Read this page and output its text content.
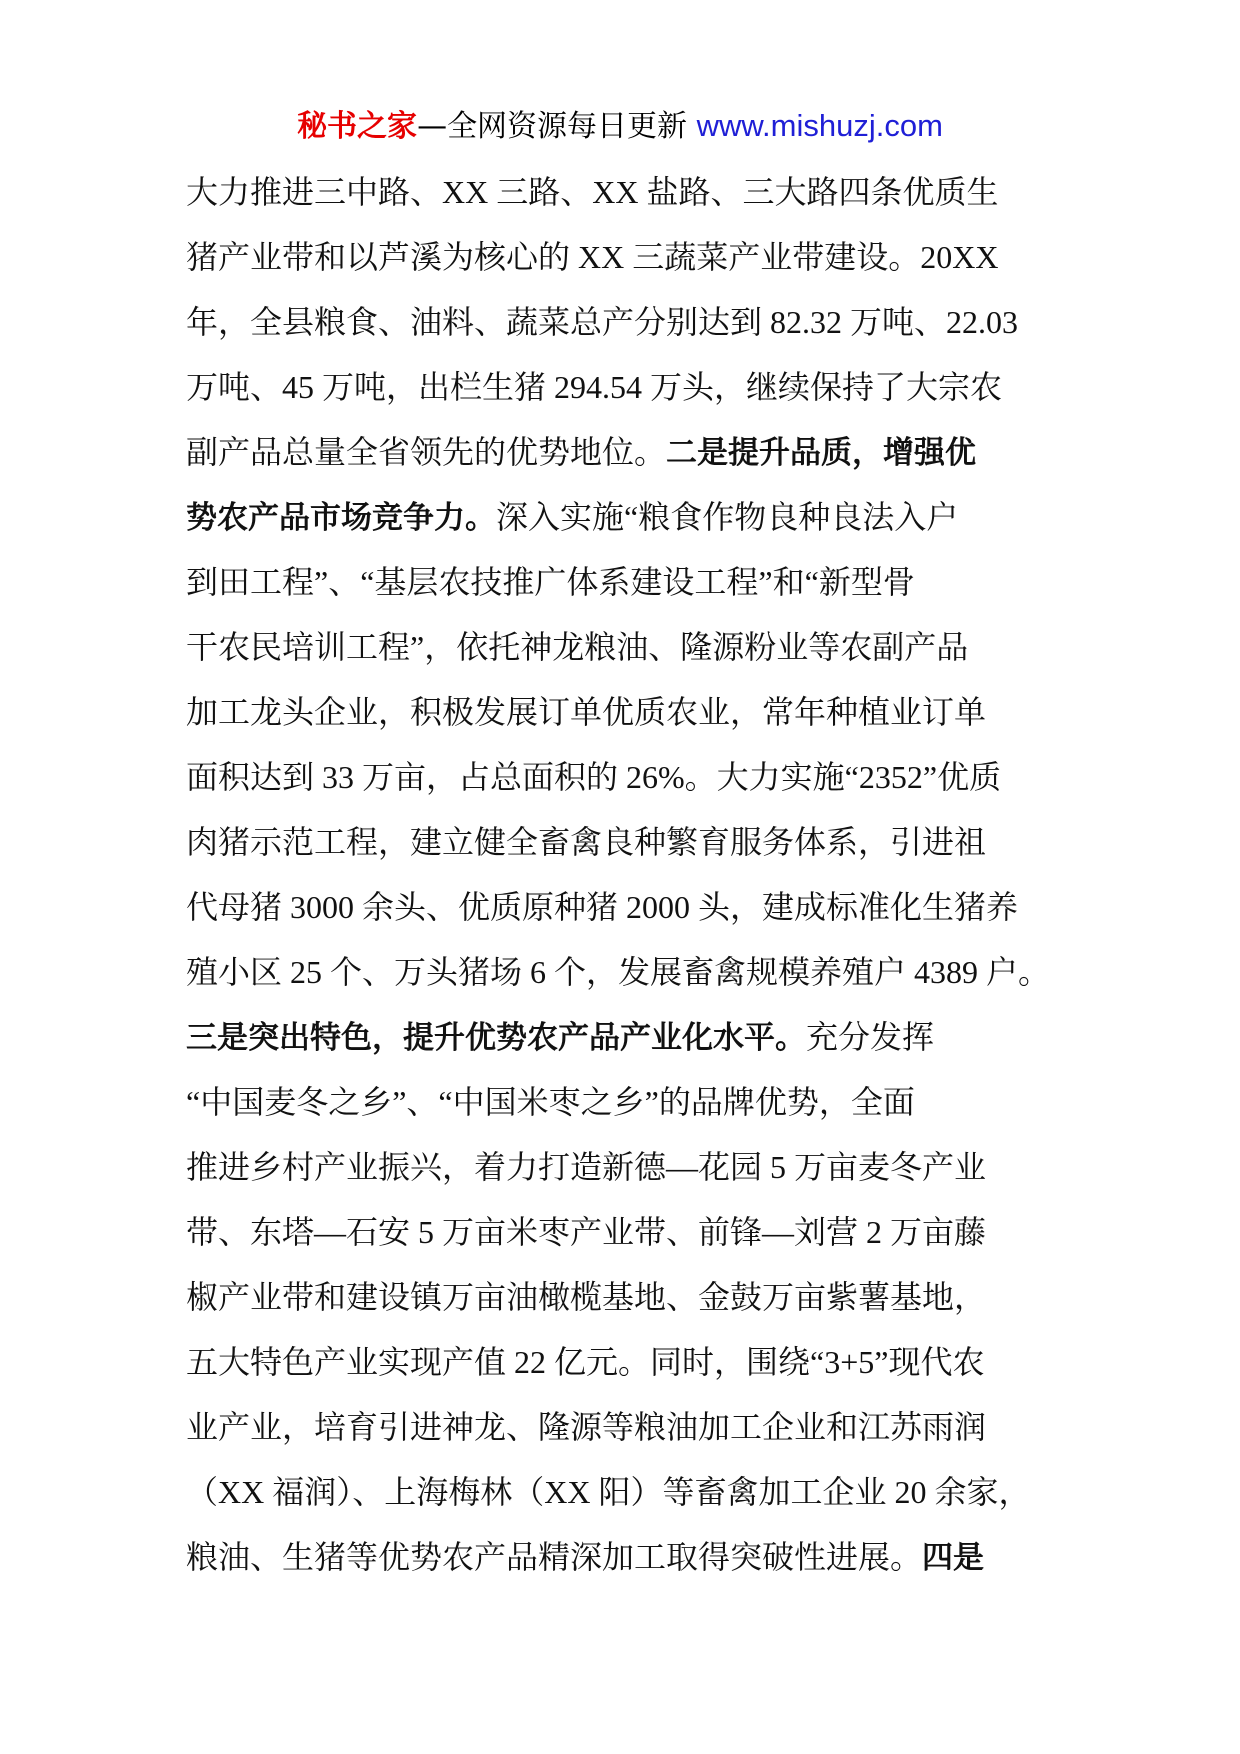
秘书之家—全网资源每日更新 www.mishuzj.com
大力推进三中路、XX 三路、XX 盐路、三大路四条优质生
猪产业带和以芦溪为核心的 XX 三蔬菜产业带建设。20XX
年，全县粮食、油料、蔬菜总产分别达到 82.32 万吨、22.03
万吨、45 万吨，出栏生猪 294.54 万头，继续保持了大宗农
副产品总量全省领先的优势地位。二是提升品质，增强优
势农产品市场竞争力。深入实施“粮食作物良种良法入户
到田工程”、“基层农技推广体系建设工程”和“新型骨
干农民培训工程”，依托神龙粮油、隆源粉业等农副产品
加工龙头企业，积极发展订单优质农业，常年种植业订单
面积达到 33 万亩，占总面积的 26%。大力实施“2352”优质
肉猪示范工程，建立健全畜禽良种繁育服务体系，引进祖
代母猪 3000 余头、优质原种猪 2000 头，建成标准化生猪养
殖小区 25 个、万头猪场 6 个，发展畜禽规模养殖户 4389 户。
三是突出特色，提升优势农产品产业化水平。充分发挥
“中国麦冬之乡”、“中国米枣之乡”的品牌优势，全面
推进乡村产业振兴，着力打造新德—花园 5 万亩麦冬产业
带、东塔—石安 5 万亩米枣产业带、前锋—刘营 2 万亩藤
椒产业带和建设镇万亩油橄榄基地、金鼓万亩紫薯基地，
五大特色产业实现产值 22 亿元。同时，围绕“3+5”现代农
业产业，培育引进神龙、隆源等粮油加工企业和江苏雨润
（XX 福润）、上海梅林（XX 阳）等畜禽加工企业 20 余家，
粮油、生猪等优势农产品精深加工取得突破性进展。四是
